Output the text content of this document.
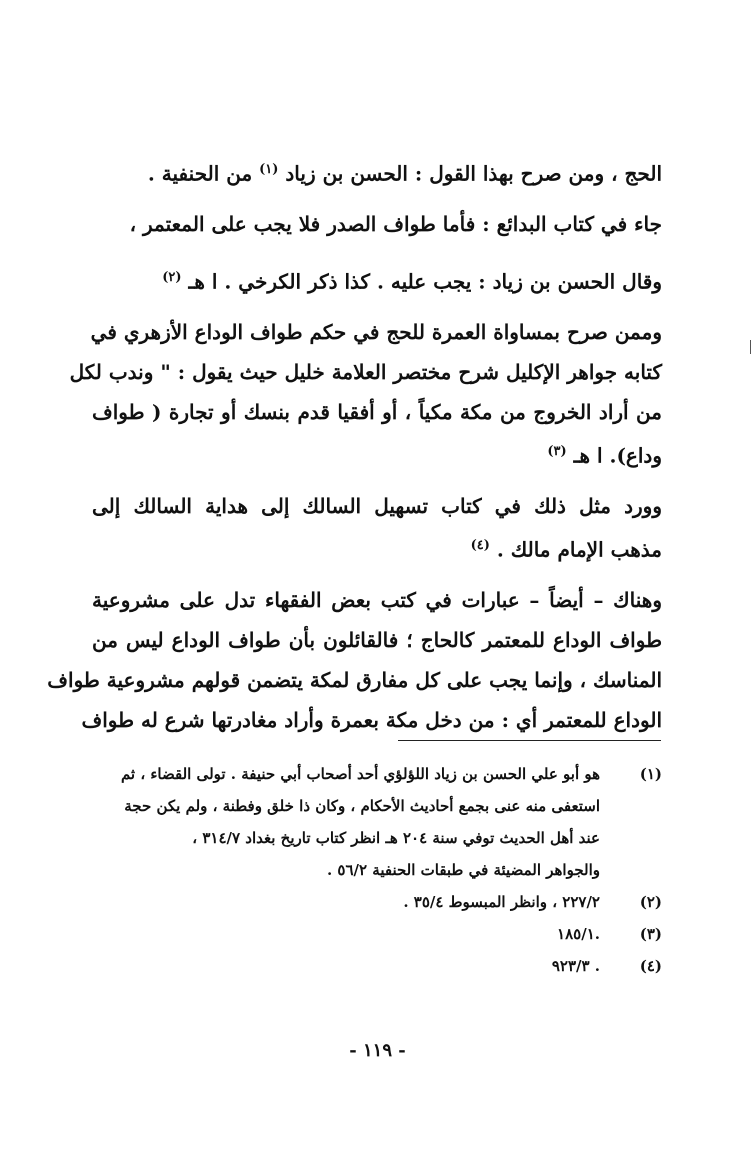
الحج ، ومن صرح بهذا القول : الحسن بن زياد $^{(١)}$ من الحنفية .
جاء في كتاب البدائع : فأما طواف الصدر فلا يجب على المعتمر ،
وقال الحسن بن زياد : يجب عليه . كذا ذكر الكرخي . ا هـ $^{(٢)}$
وممن صرح بمساواة العمرة للحج في حكم طواف الوداع الأزهري في
كتابه جواهر الإكليل شرح مختصر العلامة خليل حيث يقول : " وندب لكل
من أراد الخروج من مكة مكياً ، أو أفقيا قدم بنسك أو تجارة ( طواف
وداع). ا هـ $^{(٣)}$
وورد مثل ذلك في كتاب تسهيل السالك إلى هداية السالك إلى
مذهب الإمام مالك . $^{(٤)}$
وهناك – أيضاً – عبارات في كتب بعض الفقهاء تدل على مشروعية
طواف الوداع للمعتمر كالحاج ؛ فالقائلون بأن طواف الوداع ليس من
المناسك ، وإنما يجب على كل مفارق لمكة يتضمن قولهم مشروعية طواف
الوداع للمعتمر أي : من دخل مكة بعمرة وأراد مغادرتها شرع له طواف
(١)
هو أبو علي الحسن بن زياد اللؤلؤي أحد أصحاب أبي حنيفة . تولى القضاء ، ثم
استعفى منه عنى بجمع أحاديث الأحكام ، وكان ذا خلق وفطنة ، ولم يكن حجة
عند أهل الحديث توفي سنة ٢٠٤ هـ انظر كتاب تاريخ بغداد ٣١٤/٧ ،
والجواهر المضيئة في طبقات الحنفية ٥٦/٢ .
(٢)
٢٢٧/٢ ، وانظر المبسوط ٣٥/٤ .
(٣)
.١٨٥/١
(٤)
. ٩٢٣/٣
- ١١٩ -
